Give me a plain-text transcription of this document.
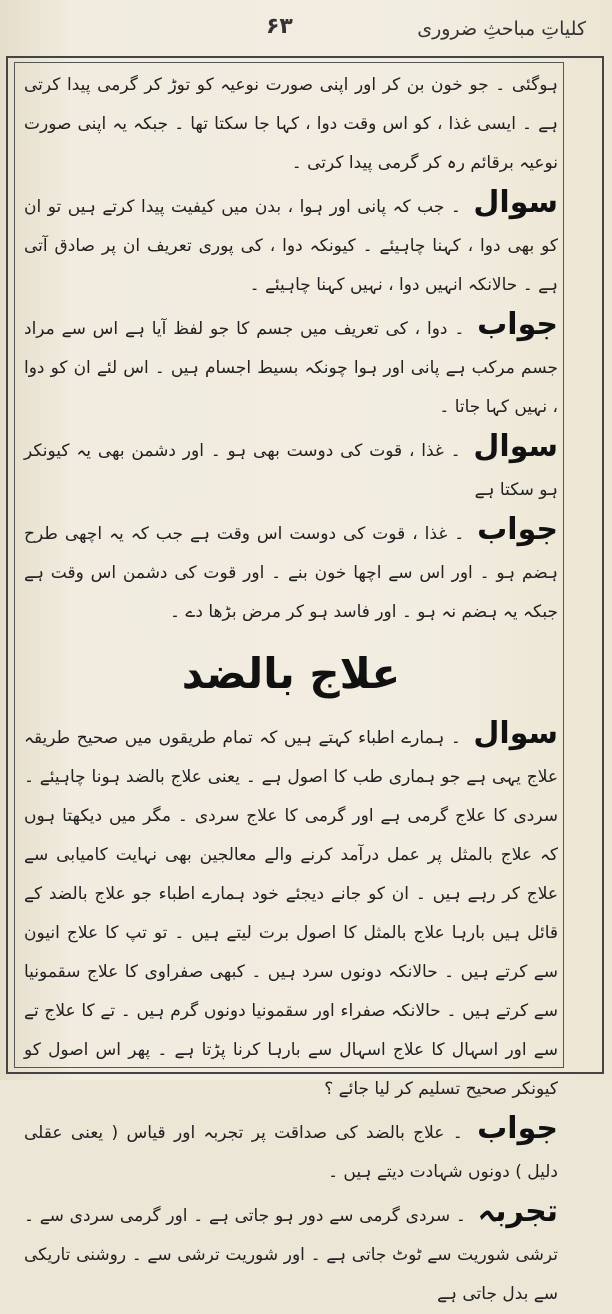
کلیاتِ مباحثِ ضروری
۶۳

ہوگئی ۔ جو خون بن کر اور اپنی صورت نوعیہ کو توڑ کر گرمی پیدا کرتی ہے ۔ ایسی غذا ، کو اس وقت دوا ، کہا جا سکتا تھا ۔ جبکہ یہ اپنی صورت نوعیہ برقائم رہ کر گرمی پیدا کرتی ۔

سوال ۔ جب کہ پانی اور ہوا ، بدن میں کیفیت پیدا کرتے ہیں تو ان کو بھی دوا ، کہنا چاہیئے ۔ کیونکہ دوا ، کی پوری تعریف ان پر صادق آتی ہے ۔ حالانکہ انہیں دوا ، نہیں کہنا چاہیئے ۔

جواب ۔ دوا ، کی تعریف میں جسم کا جو لفظ آیا ہے اس سے مراد جسم مرکب ہے پانی اور ہوا چونکہ بسیط اجسام ہیں ۔ اس لئے ان کو دوا ، نہیں کہا جاتا ۔

سوال ۔ غذا ، قوت کی دوست بھی ہو ۔ اور دشمن بھی یہ کیونکر ہو سکتا ہے

جواب ۔ غذا ، قوت کی دوست اس وقت ہے جب کہ یہ اچھی طرح ہضم ہو ۔ اور اس سے اچھا خون بنے ۔ اور قوت کی دشمن اس وقت ہے جبکہ یہ ہضم نہ ہو ۔ اور فاسد ہو کر مرض بڑھا دے ۔

علاج بالضد

سوال ۔ ہمارے اطباء کہتے ہیں کہ تمام طریقوں میں صحیح طریقہ علاج یہی ہے جو ہماری طب کا اصول ہے ۔ یعنی علاج بالضد ہونا چاہیئے ۔ سردی کا علاج گرمی ہے اور گرمی کا علاج سردی ۔ مگر میں دیکھتا ہوں کہ علاج بالمثل پر عمل درآمد کرنے والے معالجین بھی نہایت کامیابی سے علاج کر رہے ہیں ۔ ان کو جانے دیجئے خود ہمارے اطباء جو علاج بالضد کے قائل ہیں بارہا علاج بالمثل کا اصول برت لیتے ہیں ۔ تو تپ کا علاج انیون سے کرتے ہیں ۔ حالانکہ دونوں سرد ہیں ۔ کبھی صفراوی کا علاج سقمونیا سے کرتے ہیں ۔ حالانکہ صفراء اور سقمونیا دونوں گرم ہیں ۔ تے کا علاج تے سے اور اسہال کا علاج اسہال سے بارہا کرنا پڑتا ہے ۔ پھر اس اصول کو کیونکر صحیح تسلیم کر لیا جائے ؟

جواب ۔ علاج بالضد کی صداقت پر تجربہ اور قیاس ( یعنی عقلی دلیل ) دونوں شہادت دیتے ہیں ۔

تجربہ ۔ سردی گرمی سے دور ہو جاتی ہے ۔ اور گرمی سردی سے ۔ ترشی شوریت سے ٹوٹ جاتی ہے ۔ اور شوریت ترشی سے ۔ روشنی تاریکی سے بدل جاتی ہے
